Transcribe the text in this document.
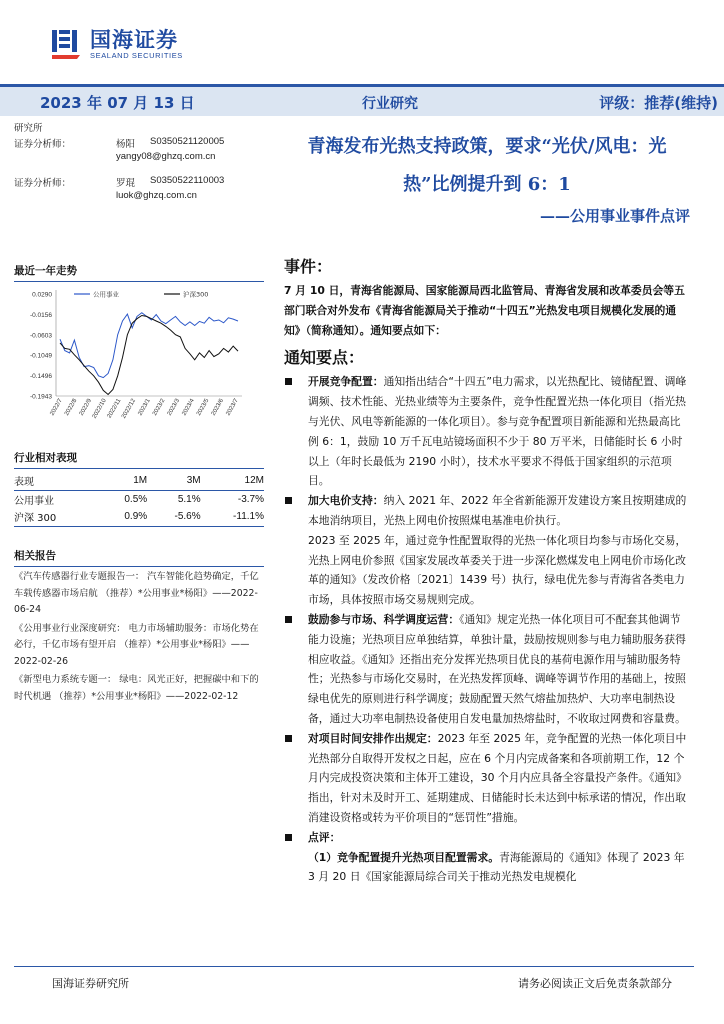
国海证券
SEALAND SECURITIES
2023 年 07 月 13 日	行业研究	评级：推荐(维持)
研究所
证券分析师：	杨阳 S0350521120005
yangy08@ghzq.com.cn
证券分析师：	罗琨 S0350522110003
luok@ghzq.com.cn
最近一年走势
0.0290
-0.0156
-0.0603
-0.1049
-0.1496
-0.1943
2022/7 2022/8 2022/9
2022/10
2022/11
2022/12 2023/1 2023/2 2023/3 2023/4 2023/5 2023/6 2023/7
公用事业	沪深300
行业相对表现
表现	1M	3M	12M
公用事业	0.5%	5.1%	-3.7%
沪深 300	0.9%	-5.6%	-11.1%
相关报告
《汽车传感器行业专题报告一： 汽车智能化趋势确定，千亿车载传感器市场启航 （推荐）*公用事业*杨阳》——2022-06-24
《公用事业行业深度研究： 电力市场辅助服务：市场化势在必行，千亿市场有望开启 （推荐）*公用事业*杨阳》——2022-02-26
《新型电力系统专题一： 绿电：风光正好，把握碳中和下的时代机遇 （推荐）*公用事业*杨阳》——2022-02-12
青海发布光热支持政策，要求“光伏/风电：光
热”比例提升到 6：1
——公用事业事件点评
事件：
7 月 10 日，青海省能源局、国家能源局西北监管局、青海省发展和改革委员会等五部门联合对外发布《青海省能源局关于推动“十四五”光热发电项目规模化发展的通知》（简称通知）。通知要点如下：
通知要点：
开展竞争配置：通知指出结合“十四五”电力需求，以光热配比、镜储配置、调峰调频、技术性能、光热业绩等为主要条件，竞争性配置光热一体化项目（指光热与光伏、风电等新能源的一体化项目）。参与竞争配置项目新能源和光热最高比例 6：1，鼓励 10 万千瓦电站镜场面积不少于 80 万平米，日储能时长 6 小时以上（年时长最低为 2190 小时），技术水平要求不得低于国家组织的示范项目。
加大电价支持：纳入 2021 年、2022 年全省新能源开发建设方案且按期建成的本地消纳项目，光热上网电价按照煤电基准电价执行。
2023 至 2025 年，通过竞争性配置取得的光热一体化项目均参与市场化交易，光热上网电价参照《国家发展改革委关于进一步深化燃煤发电上网电价市场化改革的通知》（发改价格〔2021〕1439 号）执行，绿电优先参与青海省各类电力市场，具体按照市场交易规则完成。
鼓励参与市场、科学调度运营：《通知》规定光热一体化项目可不配套其他调节能力设施；光热项目应单独结算，单独计量，鼓励按规则参与电力辅助服务获得相应收益。《通知》还指出充分发挥光热项目优良的基荷电源作用与辅助服务特性；光热参与市场化交易时，在光热发挥顶峰、调峰等调节作用的基础上，按照绿电优先的原则进行科学调度；鼓励配置天然气熔盐加热炉、大功率电制热设备，通过大功率电制热设备使用自发电量加热熔盐时，不收取过网费和容量费。
对项目时间安排作出规定：2023 年至 2025 年，竞争配置的光热一体化项目中光热部分自取得开发权之日起，应在 6 个月内完成备案和各项前期工作，12 个月内完成投资决策和主体开工建设，30 个月内应具备全容量投产条件。《通知》指出，针对未及时开工、延期建成、日储能时长未达到中标承诺的情况，作出取消建设资格或转为平价项目的“惩罚性”措施。
点评：
（1）竞争配置提升光热项目配置需求。青海能源局的《通知》体现了 2023 年 3 月 20 日《国家能源局综合司关于推动光热发电规模化
国海证券研究所	请务必阅读正文后免责条款部分
